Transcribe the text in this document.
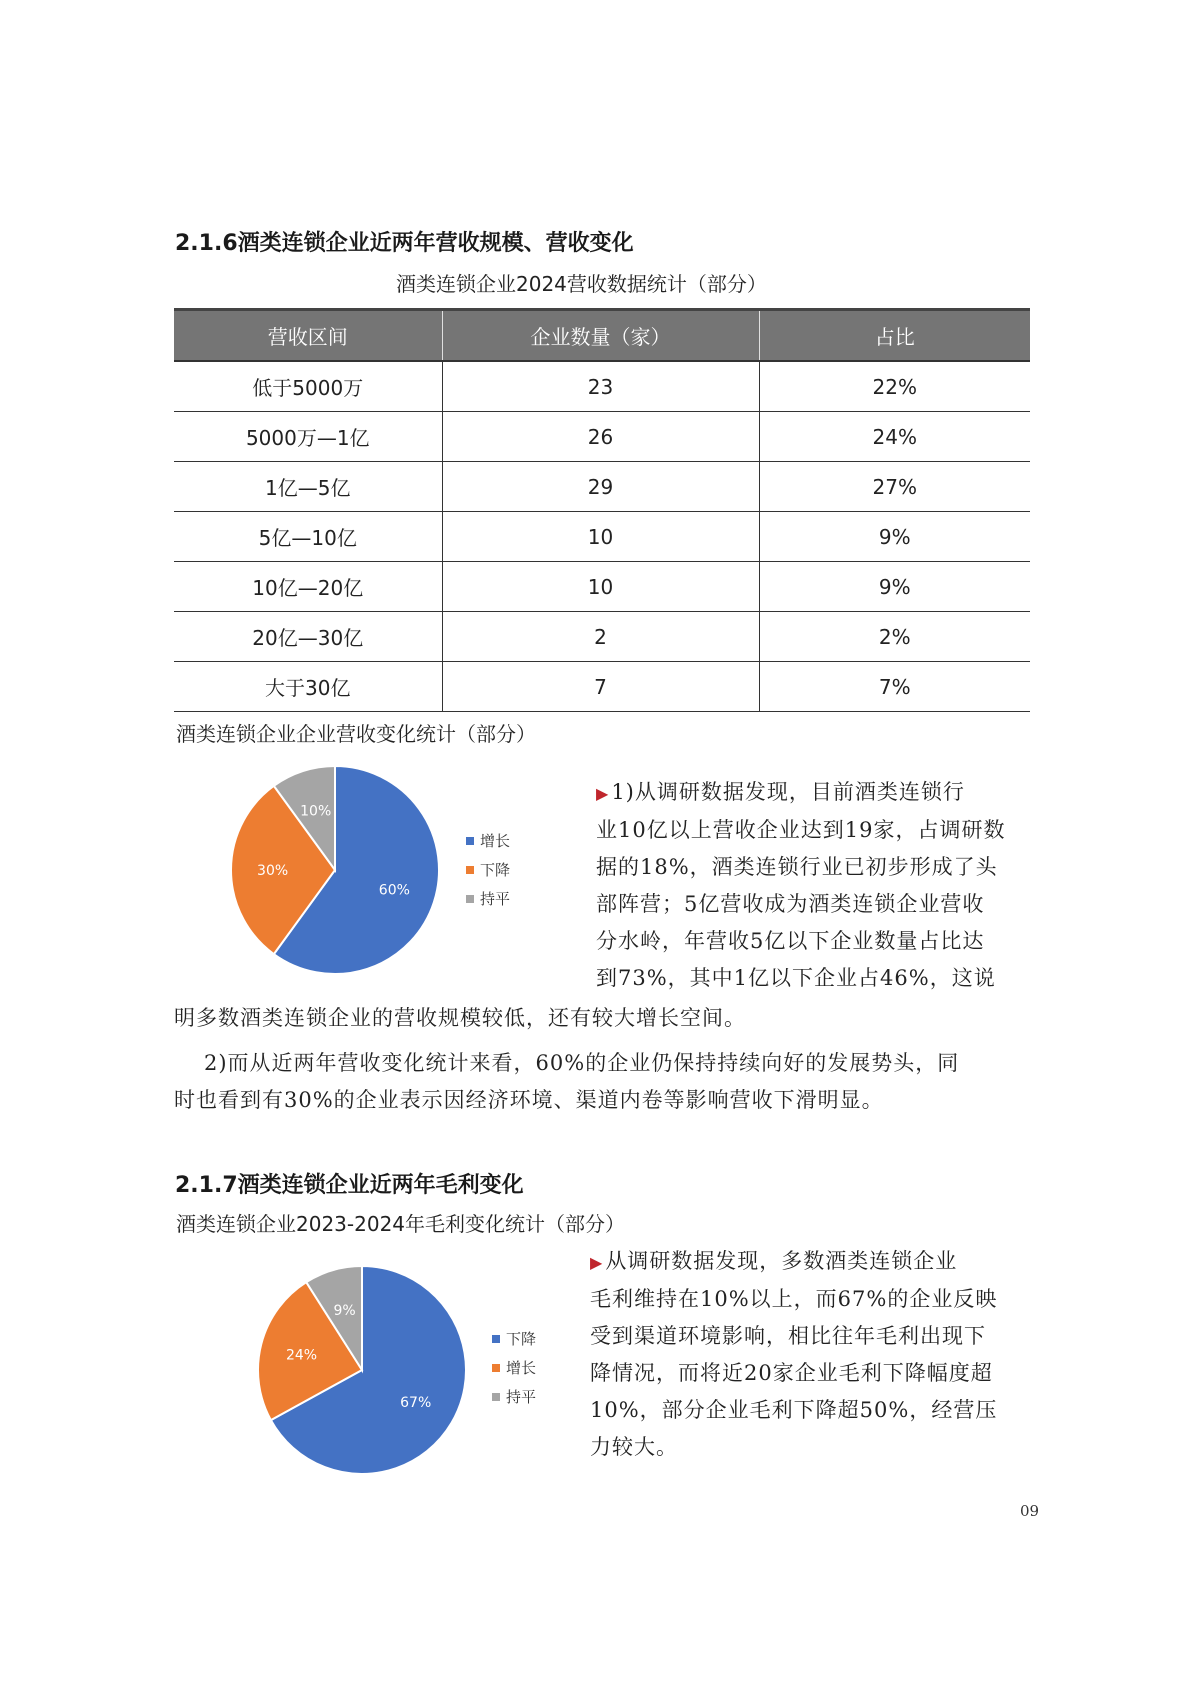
2.1.6酒类连锁企业近两年营收规模、营收变化

酒类连锁企业2024营收数据统计（部分）

营收区间	企业数量（家）	占比
低于5000万	23	22%
5000万—1亿	26	24%
1亿—5亿	29	27%
5亿—10亿	10	9%
10亿—20亿	10	9%
20亿—30亿	2	2%
大于30亿	7	7%

酒类连锁企业企业营收变化统计（部分）

60%
30%
10%
增长
下降
持平
▶1)从调研数据发现，目前酒类连锁行
业10亿以上营收企业达到19家，占调研数
据的18%，酒类连锁行业已初步形成了头
部阵营；5亿营收成为酒类连锁企业营收
分水岭，年营收5亿以下企业数量占比达
到73%，其中1亿以下企业占46%，这说
明多数酒类连锁企业的营收规模较低，还有较大增长空间。
2)而从近两年营收变化统计来看，60%的企业仍保持持续向好的发展势头，同
时也看到有30%的企业表示因经济环境、渠道内卷等影响营收下滑明显。
2.1.7酒类连锁企业近两年毛利变化

酒类连锁企业2023-2024年毛利变化统计（部分）

67%
24%
9%
下降
增长
持平
▶从调研数据发现，多数酒类连锁企业
毛利维持在10%以上，而67%的企业反映
受到渠道环境影响，相比往年毛利出现下
降情况，而将近20家企业毛利下降幅度超
10%，部分企业毛利下降超50%，经营压
力较大。
09
